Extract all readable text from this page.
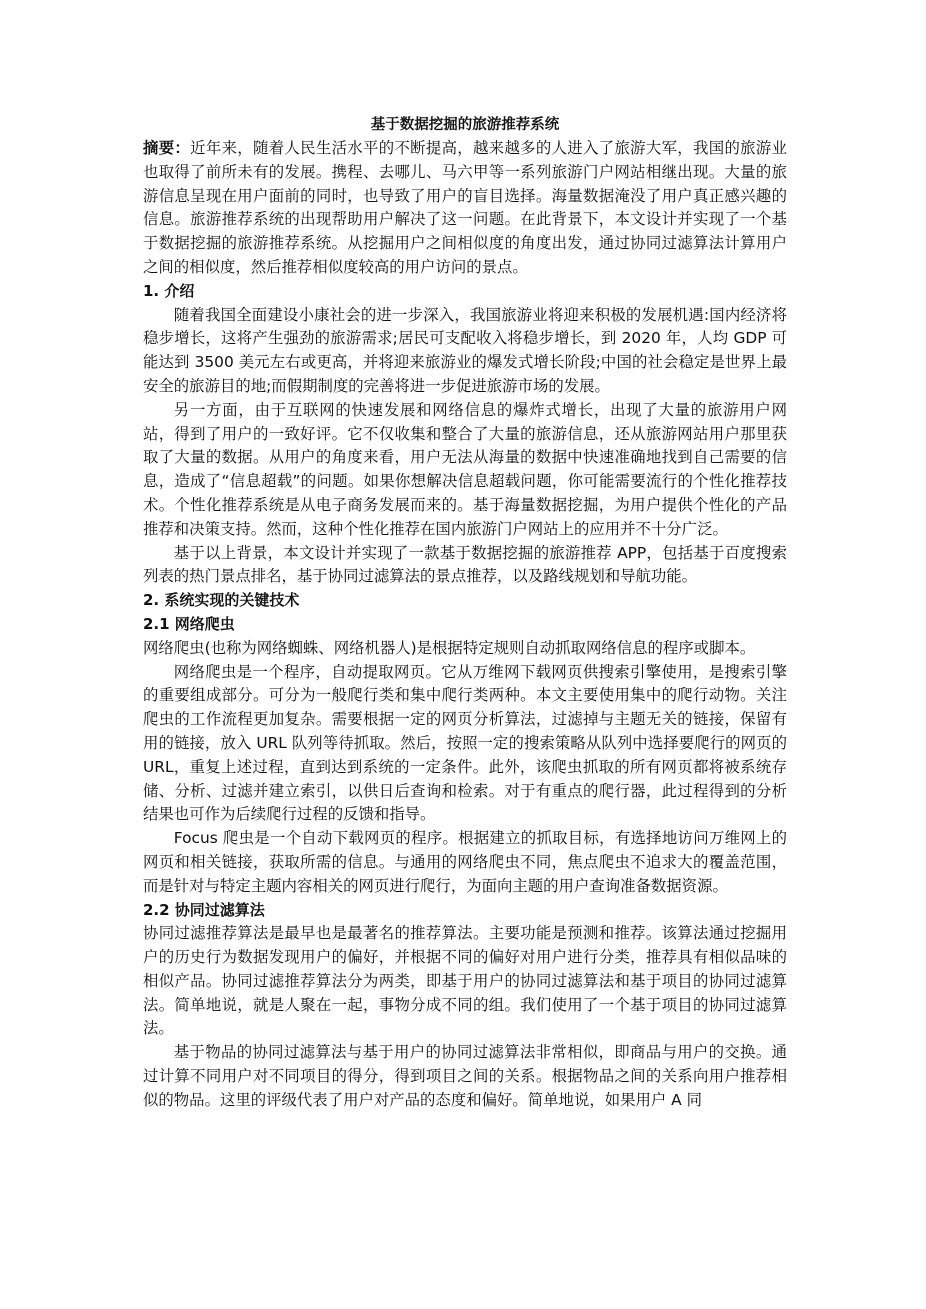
基于数据挖掘的旅游推荐系统

摘要：近年来，随着人民生活水平的不断提高，越来越多的人进入了旅游大军，我国的旅游业也取得了前所未有的发展。携程、去哪儿、马六甲等一系列旅游门户网站相继出现。大量的旅游信息呈现在用户面前的同时，也导致了用户的盲目选择。海量数据淹没了用户真正感兴趣的信息。旅游推荐系统的出现帮助用户解决了这一问题。在此背景下，本文设计并实现了一个基于数据挖掘的旅游推荐系统。从挖掘用户之间相似度的角度出发，通过协同过滤算法计算用户之间的相似度，然后推荐相似度较高的用户访问的景点。

1. 介绍

随着我国全面建设小康社会的进一步深入，我国旅游业将迎来积极的发展机遇:国内经济将稳步增长，这将产生强劲的旅游需求;居民可支配收入将稳步增长，到 2020 年，人均 GDP 可能达到 3500 美元左右或更高，并将迎来旅游业的爆发式增长阶段;中国的社会稳定是世界上最安全的旅游目的地;而假期制度的完善将进一步促进旅游市场的发展。

另一方面，由于互联网的快速发展和网络信息的爆炸式增长，出现了大量的旅游用户网站，得到了用户的一致好评。它不仅收集和整合了大量的旅游信息，还从旅游网站用户那里获取了大量的数据。从用户的角度来看，用户无法从海量的数据中快速准确地找到自己需要的信息，造成了“信息超载”的问题。如果你想解决信息超载问题，你可能需要流行的个性化推荐技术。个性化推荐系统是从电子商务发展而来的。基于海量数据挖掘，为用户提供个性化的产品推荐和决策支持。然而，这种个性化推荐在国内旅游门户网站上的应用并不十分广泛。

基于以上背景，本文设计并实现了一款基于数据挖掘的旅游推荐 APP，包括基于百度搜索列表的热门景点排名，基于协同过滤算法的景点推荐，以及路线规划和导航功能。

2. 系统实现的关键技术
2.1 网络爬虫

网络爬虫(也称为网络蜘蛛、网络机器人)是根据特定规则自动抓取网络信息的程序或脚本。

网络爬虫是一个程序，自动提取网页。它从万维网下载网页供搜索引擎使用，是搜索引擎的重要组成部分。可分为一般爬行类和集中爬行类两种。本文主要使用集中的爬行动物。关注爬虫的工作流程更加复杂。需要根据一定的网页分析算法，过滤掉与主题无关的链接，保留有用的链接，放入 URL 队列等待抓取。然后，按照一定的搜索策略从队列中选择要爬行的网页的 URL，重复上述过程，直到达到系统的一定条件。此外，该爬虫抓取的所有网页都将被系统存储、分析、过滤并建立索引，以供日后查询和检索。对于有重点的爬行器，此过程得到的分析结果也可作为后续爬行过程的反馈和指导。

Focus 爬虫是一个自动下载网页的程序。根据建立的抓取目标，有选择地访问万维网上的网页和相关链接，获取所需的信息。与通用的网络爬虫不同，焦点爬虫不追求大的覆盖范围，而是针对与特定主题内容相关的网页进行爬行，为面向主题的用户查询准备数据资源。

2.2 协同过滤算法

协同过滤推荐算法是最早也是最著名的推荐算法。主要功能是预测和推荐。该算法通过挖掘用户的历史行为数据发现用户的偏好，并根据不同的偏好对用户进行分类，推荐具有相似品味的相似产品。协同过滤推荐算法分为两类，即基于用户的协同过滤算法和基于项目的协同过滤算法。简单地说，就是人聚在一起，事物分成不同的组。我们使用了一个基于项目的协同过滤算法。

基于物品的协同过滤算法与基于用户的协同过滤算法非常相似，即商品与用户的交换。通过计算不同用户对不同项目的得分，得到项目之间的关系。根据物品之间的关系向用户推荐相似的物品。这里的评级代表了用户对产品的态度和偏好。简单地说，如果用户 A 同
